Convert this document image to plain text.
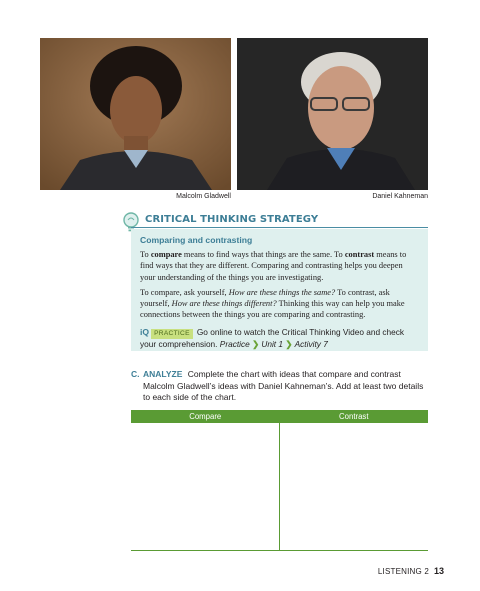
Malcolm Gladwell	Daniel Kahneman
CRITICAL THINKING STRATEGY
Comparing and contrasting

To compare means to find ways that things are the same. To contrast means to find ways that they are different. Comparing and contrasting helps you deepen your understanding of the things you are investigating.

To compare, ask yourself, How are these things the same? To contrast, ask yourself, How are these things different? Thinking this way can help you make connections between the things you are comparing and contrasting.

iQ PRACTICE Go online to watch the Critical Thinking Video and check your comprehension. Practice ❯ Unit 1 ❯ Activity 7

C. ANALYZE Complete the chart with ideas that compare and contrast Malcolm Gladwell’s ideas with Daniel Kahneman’s. Add at least two details to each side of the chart.
Compare	Contrast
LISTENING 2 13
